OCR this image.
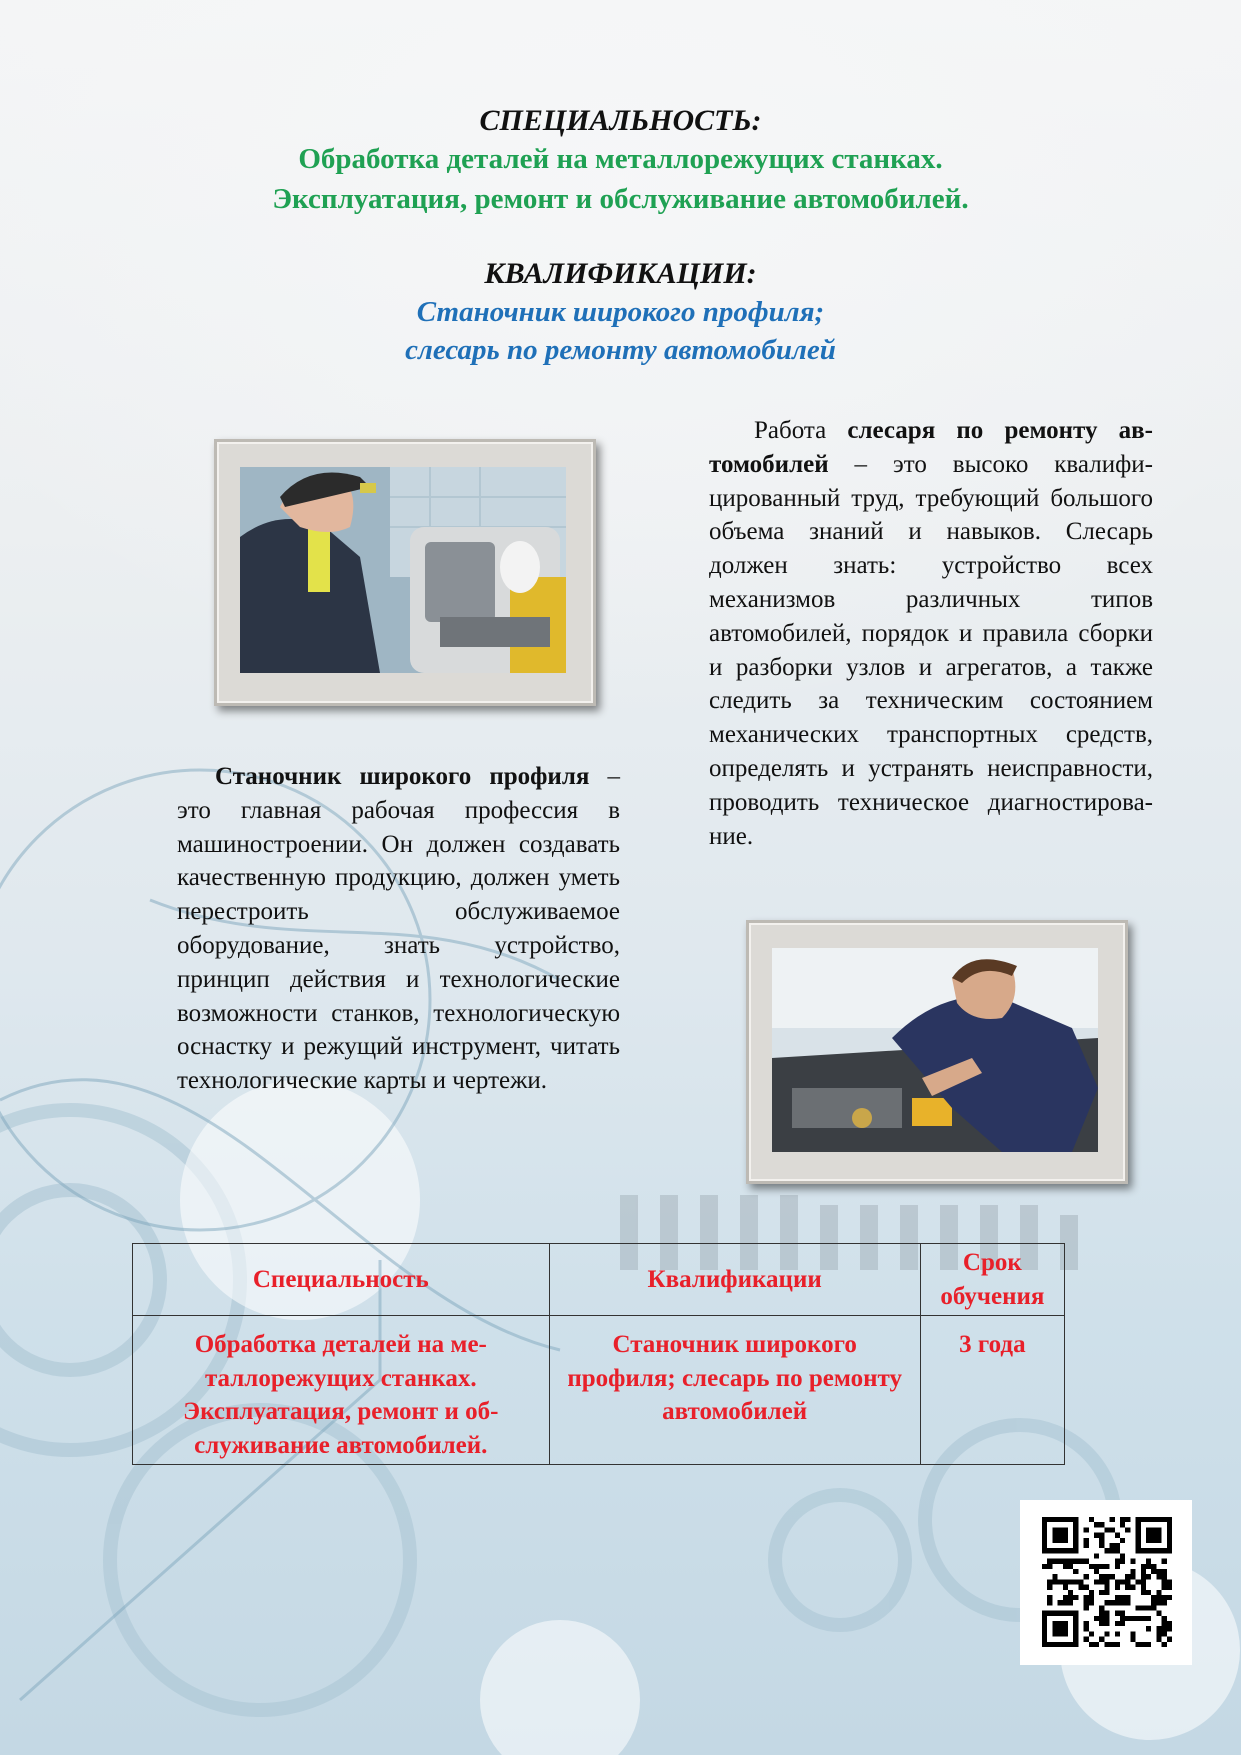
СПЕЦИАЛЬНОСТЬ:
Обработка деталей на металлорежущих станках.
Эксплуатация, ремонт и обслуживание автомобилей.
КВАЛИФИКАЦИИ:
Станочник широкого профиля;
слесарь по ремонту автомобилей
Работа слесаря по ремонту автомобилей – это высоко квалифицированный труд, требующий большого объема знаний и навыков. Слесарь должен знать: устройство всех механизмов различных типов автомобилей, порядок и правила сборки и разборки узлов и агрегатов, а также следить за техническим состоянием механических транспортных средств, определять и устранять неисправности, проводить техническое диагностирование.
Станочник широкого профиля – это главная рабочая профессия в машиностроении. Он должен создавать качественную продукцию, должен уметь перестроить обслуживаемое оборудование, знать устройство, принцип действия и технологические возможности станков, технологическую оснастку и режущий инструмент, читать технологические карты и чертежи.
Специальность	Квалификации	Срок обучения
Обработка деталей на металлорежущих станках. Эксплуатация, ремонт и обслуживание автомобилей.	Станочник широкого профиля; слесарь по ремонту автомобилей	3 года
